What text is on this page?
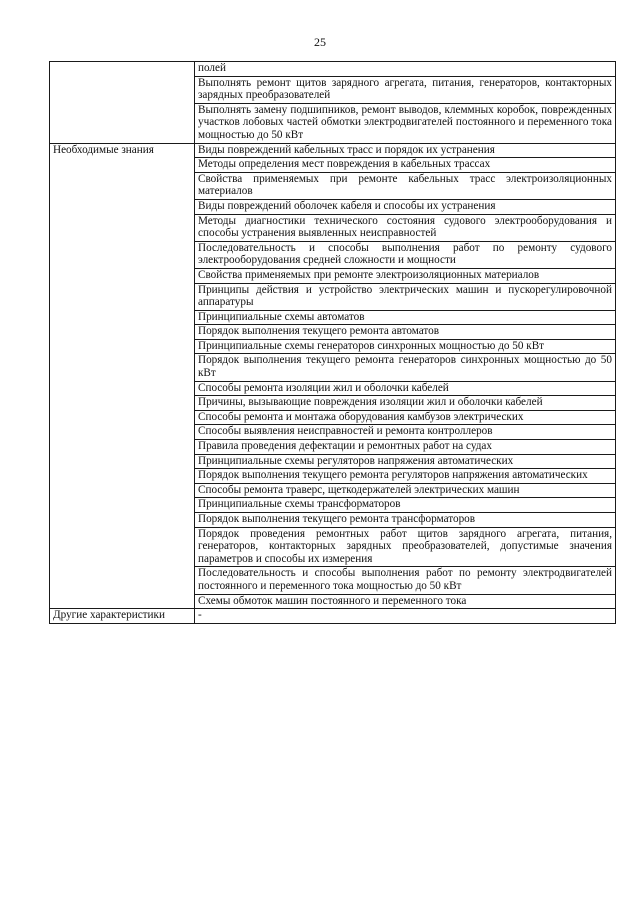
25
	полей
	Выполнять ремонт щитов зарядного агрегата, питания, генераторов, контакторных зарядных преобразователей
	Выполнять замену подшипников, ремонт выводов, клеммных коробок, поврежденных участков лобовых частей обмотки электродвигателей постоянного и переменного тока мощностью до 50 кВт
Необходимые знания	Виды повреждений кабельных трасс и порядок их устранения
	Методы определения мест повреждения в кабельных трассах
	Свойства применяемых при ремонте кабельных трасс электроизоляционных материалов
	Виды повреждений оболочек кабеля и способы их устранения
	Методы диагностики технического состояния судового электрооборудования и способы устранения выявленных неисправностей
	Последовательность и способы выполнения работ по ремонту судового электрооборудования средней сложности и мощности
	Свойства применяемых при ремонте электроизоляционных материалов
	Принципы действия и устройство электрических машин и пускорегулировочной аппаратуры
	Принципиальные схемы автоматов
	Порядок выполнения текущего ремонта автоматов
	Принципиальные схемы генераторов синхронных мощностью до 50 кВт
	Порядок выполнения текущего ремонта генераторов синхронных мощностью до 50 кВт
	Способы ремонта изоляции жил и оболочки кабелей
	Причины, вызывающие повреждения изоляции жил и оболочки кабелей
	Способы ремонта и монтажа оборудования камбузов электрических
	Способы выявления неисправностей и ремонта контроллеров
	Правила проведения дефектации и ремонтных работ на судах
	Принципиальные схемы регуляторов напряжения автоматических
	Порядок выполнения текущего ремонта регуляторов напряжения автоматических
	Способы ремонта траверс, щеткодержателей электрических машин
	Принципиальные схемы трансформаторов
	Порядок выполнения текущего ремонта трансформаторов
	Порядок проведения ремонтных работ щитов зарядного агрегата, питания, генераторов, контакторных зарядных преобразователей, допустимые значения параметров и способы их измерения
	Последовательность и способы выполнения работ по ремонту электродвигателей постоянного и переменного тока мощностью до 50 кВт
	Схемы обмоток машин постоянного и переменного тока
Другие характеристики	-
